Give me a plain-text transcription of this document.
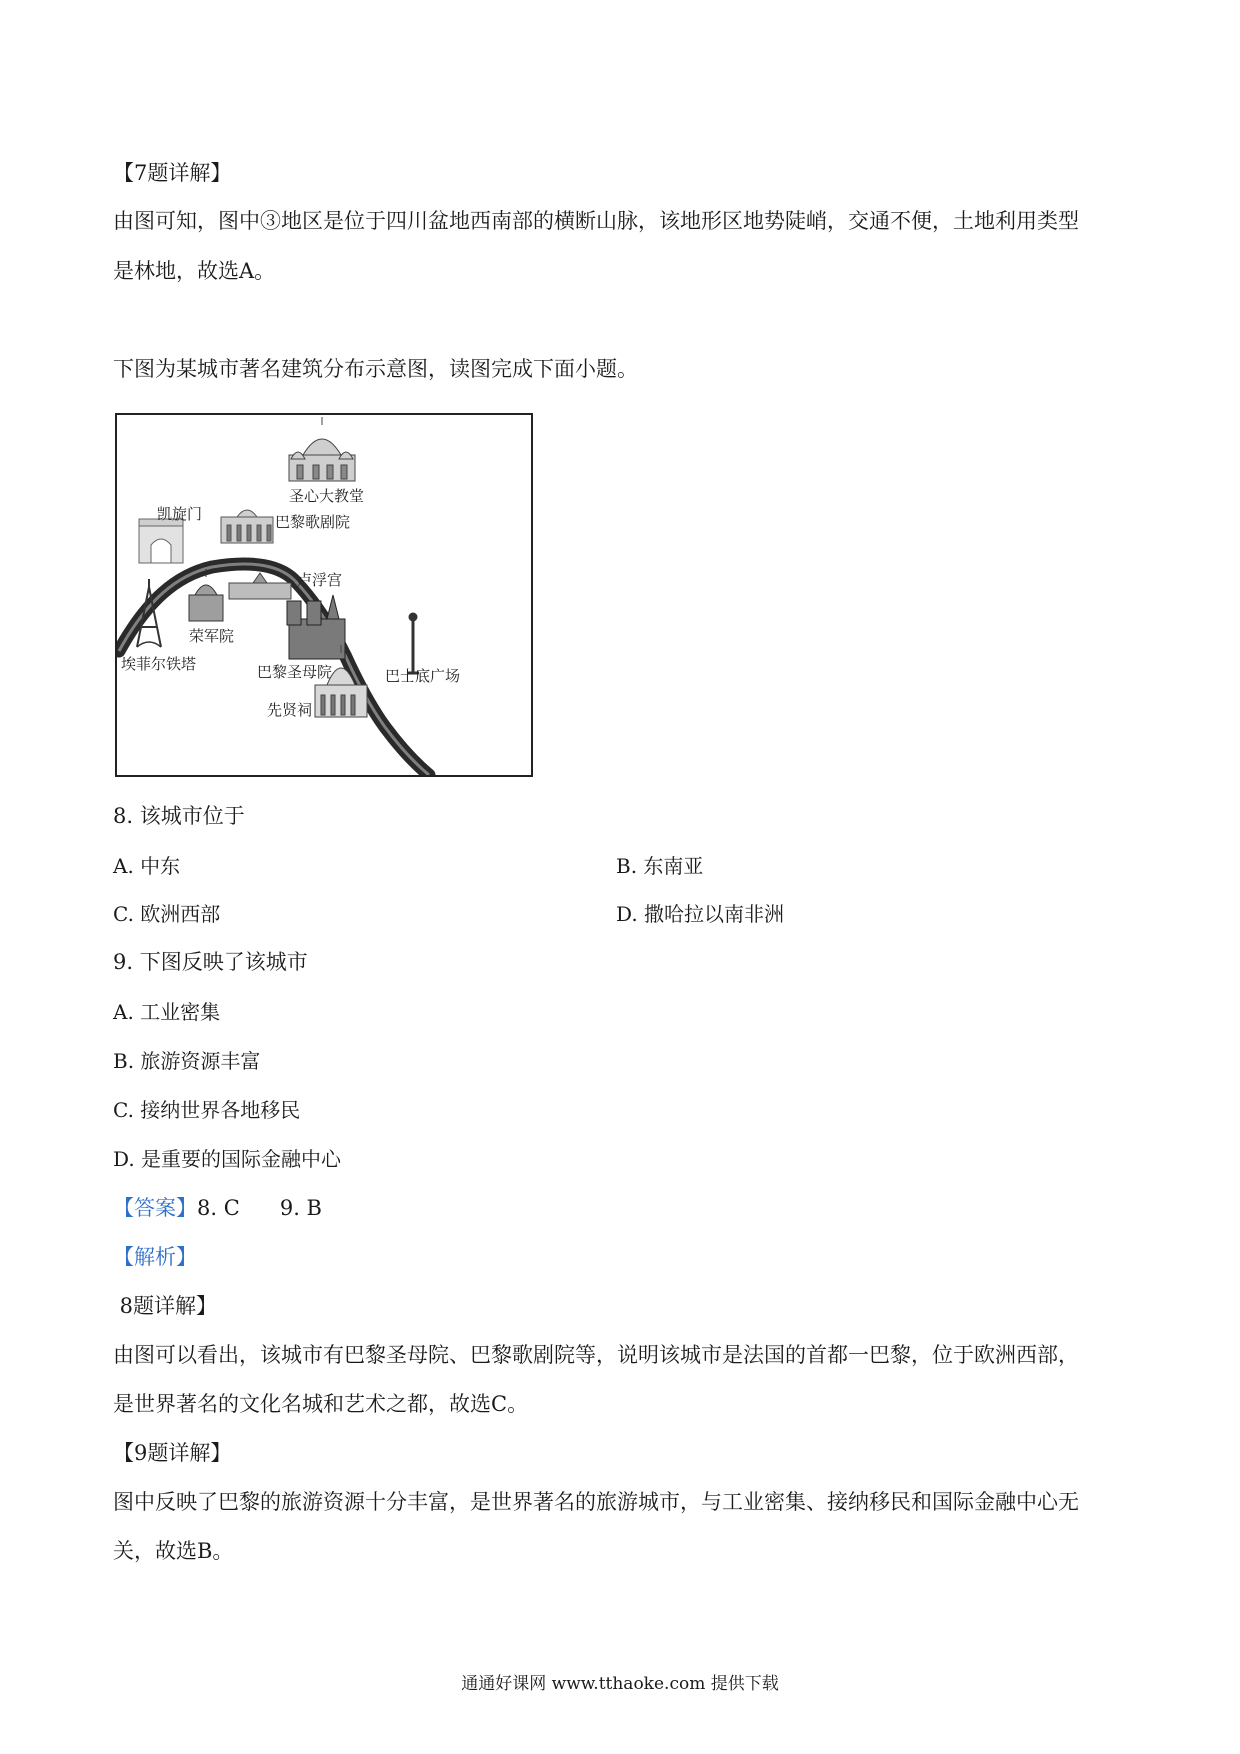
【7题详解】
由图可知，图中③地区是位于四川盆地西南部的横断山脉，该地形区地势陡峭，交通不便，土地利用类型
是林地，故选A。
下图为某城市著名建筑分布示意图，读图完成下面小题。
圣心大教堂
凯旋门	巴黎歌剧院
卢浮宫
埃菲尔铁塔
荣军院
巴黎圣母院	巴士底广场
先贤祠
8. 该城市位于
A. 中东	B. 东南亚
C. 欧洲西部	D. 撒哈拉以南非洲
9. 下图反映了该城市
A. 工业密集
B. 旅游资源丰富
C. 接纳世界各地移民
D. 是重要的国际金融中心
【答案】8. C      9. B
【解析】
8题详解】
由图可以看出，该城市有巴黎圣母院、巴黎歌剧院等，说明该城市是法国的首都一巴黎，位于欧洲西部，
是世界著名的文化名城和艺术之都，故选C。
【9题详解】
图中反映了巴黎的旅游资源十分丰富，是世界著名的旅游城市，与工业密集、接纳移民和国际金融中心无
关，故选B。
通通好课网 www.tthaoke.com 提供下载
